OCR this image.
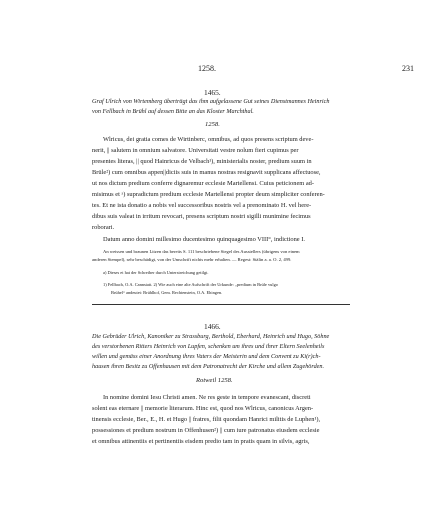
1258.	231
1465.
Graf Ulrich von Wirtemberg überträgt das ihm aufgelassene Gut seines Dienstmannes Heinrich
von Fellbach in Brühl auf dessen Bitte an das Kloster Marchthal.
1258.
Wlricus, dei gratia comes de Wirtinberc, omnibus, ad quos presens scriptum deve-
nerit, || salutem in omnium salvatore. Universitati vestre nolum fieri cupimus per
presentes literas, || quod Hainricus de Velbach¹), ministerialis noster, predium suum in
Brüle²) cum omnibus appen||diciis suis in manus nostras resignavit supplicans affectuose,
ut nos dictum predium conferre dignaremur ecclesie Martellensi. Cuius peticionem ad-
misimus et ᵃ) supradictum predium ecclesie Martellensi propter deum simpliciter conferen-
tes. Et ne ista donatio a nobis vel successoribus nostris vel a prenominato H. vel here-
dibus suis valeat in irritum revocari, presens scriptum nostri sigilli munimine fecimus
roborari.
Datum anno domini millesimo ducentesimo quinquagesimo VIII°, indictione I.
An weissen und braunen Litzen das bereits S. 111 beschriebene Siegel des Ausstellers (übrigens von einem
anderen Stempel), sehr beschädigt, von der Umschrift nichts mehr erhalten. — Regest: Stälin a. a. O. 2, 499.
a) Dieses et hat der Schreiber durch Unterstreichung getilgt.
1) Fellbach, O.A. Cannstatt. 2) Wie auch eine alte Aufschrift der Urkunde: „predium in Brüle vulgo
Brühel“ andeutet: Brühlhof, Gem. Rechtenstein, O.A. Ehingen.
1466.
Die Gebrüder Ulrich, Kanoniker zu Strassburg, Berthold, Eberhard, Heinrich und Hugo, Söhne
des verstorbenen Ritters Heinrich von Lupfen, schenken um ihres und ihrer Eltern Seelenheils
willen und gemäss einer Anordnung ihres Vaters der Meisterin und dem Convent zu Ki(r)ch-
hausen ihren Besitz zu Offenhausen mit dem Patronatrecht der Kirche und allem Zugehörden.
Rotweil 1258.
In nomine domini Iesu Christi amen. Ne res geste in tempore evanescant, discreti
solent eas eternare || memorie literarum. Hinc est, quod nos Wlricus, canonicus Argen-
tinensis ecclesie, Ber., E., H. et Hugo || fratres, filii quondam Hanrici militis de Luphen¹),
possessiones et predium nostrum in Offenhusen²) || cum iure patronatus eiusdem ecclesie
et omnibus attinentiis et pertinentiis eisdem predio tam in pratis quam in silvis, agris,
